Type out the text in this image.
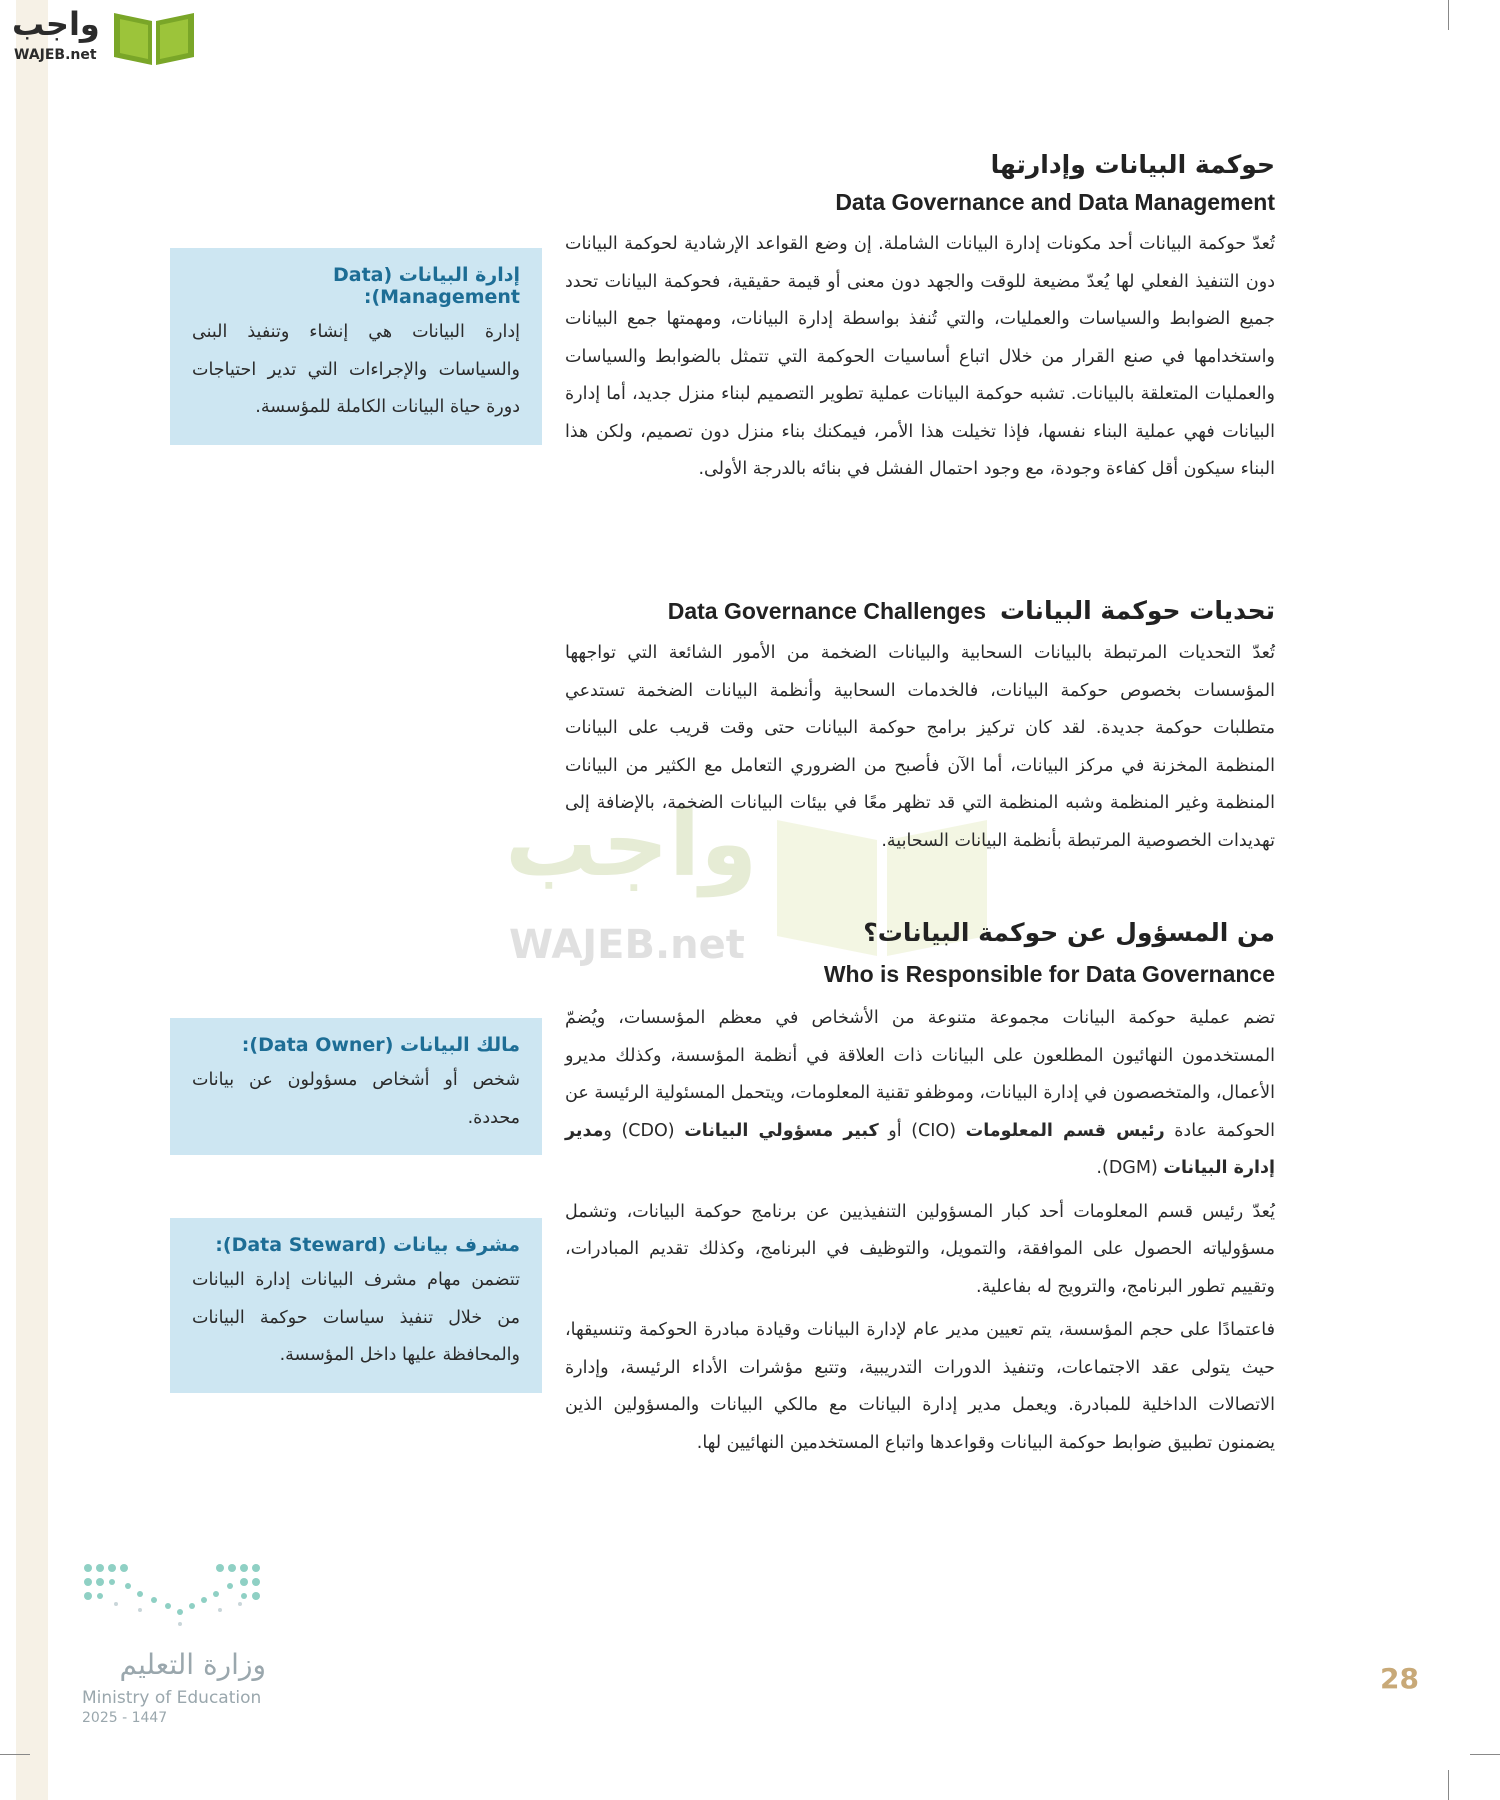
واجب
WAJEB.net
واجب
WAJEB.net
حوكمة البيانات وإدارتها
Data Governance and Data Management

تُعدّ حوكمة البيانات أحد مكونات إدارة البيانات الشاملة. إن وضع القواعد الإرشادية لحوكمة البيانات دون التنفيذ الفعلي لها يُعدّ مضيعة للوقت والجهد دون معنى أو قيمة حقيقية، فحوكمة البيانات تحدد جميع الضوابط والسياسات والعمليات، والتي تُنفذ بواسطة إدارة البيانات، ومهمتها جمع البيانات واستخدامها في صنع القرار من خلال اتباع أساسيات الحوكمة التي تتمثل بالضوابط والسياسات والعمليات المتعلقة بالبيانات. تشبه حوكمة البيانات عملية تطوير التصميم لبناء منزل جديد، أما إدارة البيانات فهي عملية البناء نفسها، فإذا تخيلت هذا الأمر، فيمكنك بناء منزل دون تصميم، ولكن هذا البناء سيكون أقل كفاءة وجودة، مع وجود احتمال الفشل في بنائه بالدرجة الأولى.

تحديات حوكمة البيانات
Data Governance Challenges

تُعدّ التحديات المرتبطة بالبيانات السحابية والبيانات الضخمة من الأمور الشائعة التي تواجهها المؤسسات بخصوص حوكمة البيانات، فالخدمات السحابية وأنظمة البيانات الضخمة تستدعي متطلبات حوكمة جديدة. لقد كان تركيز برامج حوكمة البيانات حتى وقت قريب على البيانات المنظمة المخزنة في مركز البيانات، أما الآن فأصبح من الضروري التعامل مع الكثير من البيانات المنظمة وغير المنظمة وشبه المنظمة التي قد تظهر معًا في بيئات البيانات الضخمة، بالإضافة إلى تهديدات الخصوصية المرتبطة بأنظمة البيانات السحابية.

من المسؤول عن حوكمة البيانات؟
Who is Responsible for Data Governance

تضم عملية حوكمة البيانات مجموعة متنوعة من الأشخاص في معظم المؤسسات، ويُضمّ المستخدمون النهائيون المطلعون على البيانات ذات العلاقة في أنظمة المؤسسة، وكذلك مديرو الأعمال، والمتخصصون في إدارة البيانات، وموظفو تقنية المعلومات، ويتحمل المسئولية الرئيسة عن الحوكمة عادة رئيس قسم المعلومات (CIO) أو كبير مسؤولي البيانات (CDO) ومدير إدارة البيانات (DGM).

يُعدّ رئيس قسم المعلومات أحد كبار المسؤولين التنفيذيين عن برنامج حوكمة البيانات، وتشمل مسؤولياته الحصول على الموافقة، والتمويل، والتوظيف في البرنامج، وكذلك تقديم المبادرات، وتقييم تطور البرنامج، والترويج له بفاعلية.

فاعتمادًا على حجم المؤسسة، يتم تعيين مدير عام لإدارة البيانات وقيادة مبادرة الحوكمة وتنسيقها، حيث يتولى عقد الاجتماعات، وتنفيذ الدورات التدريبية، وتتبع مؤشرات الأداء الرئيسة، وإدارة الاتصالات الداخلية للمبادرة. ويعمل مدير إدارة البيانات مع مالكي البيانات والمسؤولين الذين يضمنون تطبيق ضوابط حوكمة البيانات وقواعدها واتباع المستخدمين النهائيين لها.

إدارة البيانات (Data Management):
إدارة البيانات هي إنشاء وتنفيذ البنى والسياسات والإجراءات التي تدير احتياجات دورة حياة البيانات الكاملة للمؤسسة.
مالك البيانات (Data Owner):
شخص أو أشخاص مسؤولون عن بيانات محددة.
مشرف بيانات (Data Steward):
تتضمن مهام مشرف البيانات إدارة البيانات من خلال تنفيذ سياسات حوكمة البيانات والمحافظة عليها داخل المؤسسة.
وزارة التعليم
Ministry of Education
2025 - 1447
28
